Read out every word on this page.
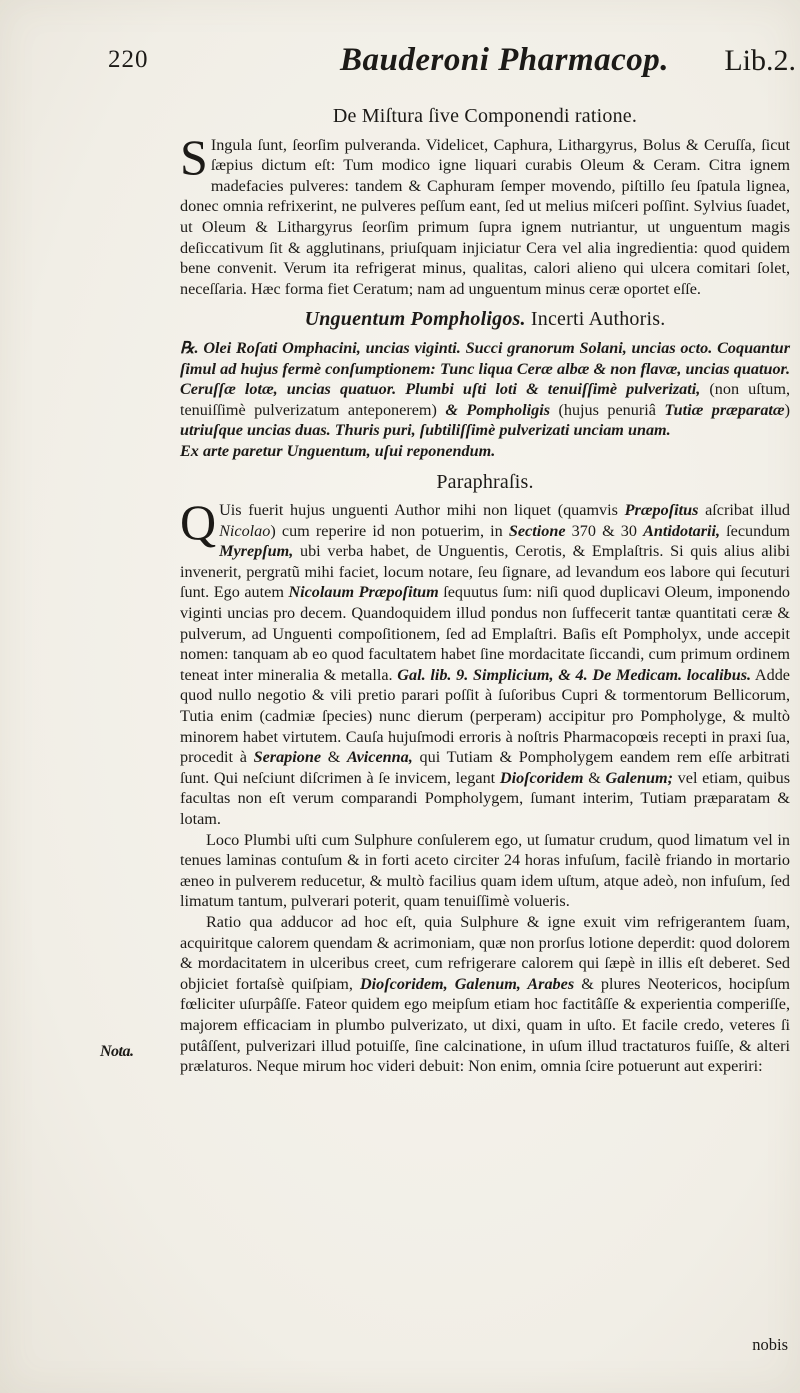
220	Bauderoni Pharmacop. Lib.2.
Nota.
De Miſtura ſive Componendi ratione.

S Ingula ſunt, ſeorſim pulveranda. Videlicet, Caphura, Lithargyrus, Bolus & Ceruſſa, ſicut ſæpius dictum eſt: Tum modico igne liquari curabis Oleum & Ceram. Citra ignem madefacies pulveres: tandem & Caphuram ſemper movendo, piſtillo ſeu ſpatula lignea, donec omnia refrixerint, ne pulveres peſſum eant, ſed ut melius miſceri poſſint. Sylvius ſuadet, ut Oleum & Lithargyrus ſeorſim primum ſupra ignem nutriantur, ut unguentum magis deſiccativum ſit & agglutinans, priuſquam injiciatur Cera vel alia ingredientia: quod quidem bene convenit. Verum ita refrigerat minus, qualitas, calori alieno qui ulcera comitari ſolet, neceſſaria. Hæc forma fiet Ceratum; nam ad unguentum minus ceræ oportet eſſe.

Unguentum Pompholigos. Incerti Authoris.

℞. Olei Roſati Omphacini, uncias viginti. Succi granorum Solani, uncias octo. Coquantur ſimul ad hujus fermè conſumptionem: Tunc liqua Ceræ albæ & non flavæ, uncias quatuor. Ceruſſæ lotæ, uncias quatuor. Plumbi uſti loti & tenuiſſimè pulverizati, (non uſtum, tenuiſſimè pulverizatum anteponerem) & Pompholigis (hujus penuriâ Tutiæ præparatæ) utriuſque uncias duas. Thuris puri, ſubtiliſſimè pulverizati unciam unam.

Ex arte paretur Unguentum, uſui reponendum.

Paraphraſis.

Q Uis fuerit hujus unguenti Author mihi non liquet (quamvis Præpoſitus aſcribat illud Nicolao) cum reperire id non potuerim, in Sectione 370 & 30 Antidotarii, ſecundum Myrepſum, ubi verba habet, de Unguentis, Cerotis, & Emplaſtris. Si quis alius alibi invenerit, pergratũ mihi faciet, locum notare, ſeu ſignare, ad levandum eos labore qui ſecuturi ſunt. Ego autem Nicolaum Præpoſitum ſequutus ſum: niſi quod duplicavi Oleum, imponendo viginti uncias pro decem. Quandoquidem illud pondus non ſuffecerit tantæ quantitati ceræ & pulverum, ad Unguenti compoſitionem, ſed ad Emplaſtri. Baſis eſt Pompholyx, unde accepit nomen: tanquam ab eo quod facultatem habet ſine mordacitate ſiccandi, cum primum ordinem teneat inter mineralia & metalla. Gal. lib. 9. Simplicium, & 4. De Medicam. localibus. Adde quod nullo negotio & vili pretio parari poſſit à ſuſoribus Cupri & tormentorum Bellicorum, Tutia enim (cadmiæ ſpecies) nunc dierum (perperam) accipitur pro Pompholyge, & multò minorem habet virtutem. Cauſa hujuſmodi erroris à noſtris Pharmacopœis recepti in praxi ſua, procedit à Serapione & Avicenna, qui Tutiam & Pompholygem eandem rem eſſe arbitrati ſunt. Qui neſciunt diſcrimen à ſe invicem, legant Dioſcoridem & Galenum; vel etiam, quibus facultas non eſt verum comparandi Pompholygem, ſumant interim, Tutiam præparatam & lotam.

Loco Plumbi uſti cum Sulphure conſulerem ego, ut ſumatur crudum, quod limatum vel in tenues laminas contuſum & in forti aceto circiter 24 horas infuſum, facilè friando in mortario æneo in pulverem reducetur, & multò facilius quam idem uſtum, atque adeò, non infuſum, ſed limatum tantum, pulverari poterit, quam tenuiſſimè volueris.

Ratio qua adducor ad hoc eſt, quia Sulphure & igne exuit vim refrigerantem ſuam, acquiritque calorem quendam & acrimoniam, quæ non prorſus lotione deperdit: quod dolorem & mordacitatem in ulceribus creet, cum refrigerare calorem qui ſæpè in illis eſt deberet. Sed objiciet fortaſsè quiſpiam, Dioſcoridem, Galenum, Arabes & plures Neotericos, hocipſum fœliciter uſurpâſſe. Fateor quidem ego meipſum etiam hoc factitâſſe & experientia comperiſſe, majorem efficaciam in plumbo pulverizato, ut dixi, quam in uſto. Et facile credo, veteres ſi putâſſent, pulverizari illud potuiſſe, ſine calcinatione, in uſum illud tractaturos fuiſſe, & alteri prælaturos. Neque mirum hoc videri debuit: Non enim, omnia ſcire potuerunt aut experiri:

nobis
